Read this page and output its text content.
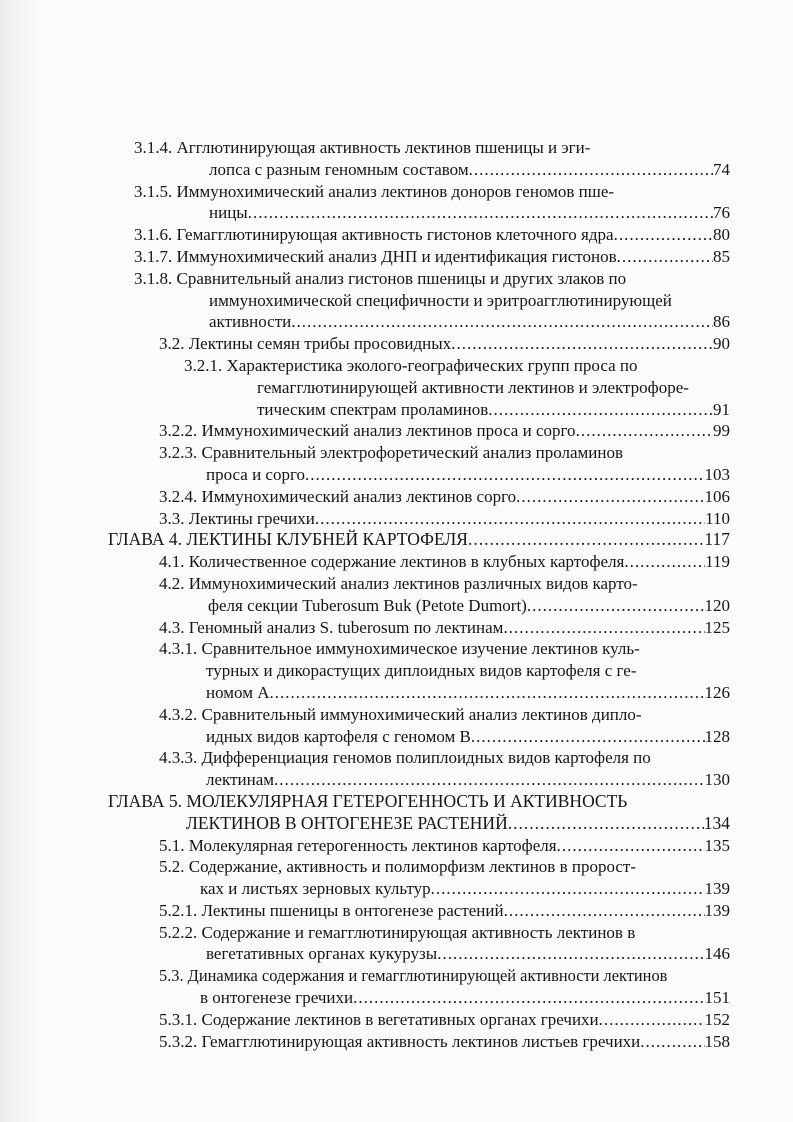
3.1.4. Агглютинирующая активность лектинов пшеницы и эги-
лопса с разным геномным составом .....	74
3.1.5. Иммунохимический анализ лектинов доноров геномов пше-
ницы .....	76
3.1.6. Гемагглютинирующая активность гистонов клеточного ядра .....	80
3.1.7. Иммунохимический анализ ДНП и идентификация гистонов .....	85
3.1.8. Сравнительный анализ гистонов пшеницы и других злаков по
иммунохимической специфичности и эритроагглютинирующей
активности .....	86
3.2. Лектины семян трибы просовидных .....	90
3.2.1. Характеристика эколого-географических групп проса по
гемагглютинирующей активности лектинов и электрофоре-
тическим спектрам проламинов .....	91
3.2.2. Иммунохимический анализ лектинов проса и сорго .....	99
3.2.3. Сравнительный электрофоретический анализ проламинов
проса и сорго .....	103
3.2.4. Иммунохимический анализ лектинов сорго .....	106
3.3. Лектины гречихи .....	110
ГЛАВА 4. ЛЕКТИНЫ КЛУБНЕЙ КАРТОФЕЛЯ .....	117
4.1. Количественное содержание лектинов в клубных картофеля .....	119
4.2. Иммунохимический анализ лектинов различных видов карто-
феля секции Tuberosum Buk (Petote Dumort) .....	120
4.3. Геномный анализ S. tuberosum по лектинам .....	125
4.3.1. Сравнительное иммунохимическое изучение лектинов куль-
турных и дикорастущих диплоидных видов картофеля с ге-
номом А .....	126
4.3.2. Сравнительный иммунохимический анализ лектинов дипло-
идных видов картофеля с геномом В .....	128
4.3.3. Дифференциация геномов полиплоидных видов картофеля по
лектинам .....	130
ГЛАВА 5. МОЛЕКУЛЯРНАЯ ГЕТЕРОГЕННОСТЬ И АКТИВНОСТЬ
ЛЕКТИНОВ В ОНТОГЕНЕЗЕ РАСТЕНИЙ .....	134
5.1. Молекулярная гетерогенность лектинов картофеля .....	135
5.2. Содержание, активность и полиморфизм лектинов в пророст-
ках и листьях зерновых культур .....	139
5.2.1. Лектины пшеницы в онтогенезе растений .....	139
5.2.2. Содержание и гемагглютинирующая активность лектинов в
вегетативных органах кукурузы .....	146
5.3. Динамика содержания и гемагглютинирующей активности лектинов
в онтогенезе гречихи .....	151
5.3.1. Содержание лектинов в вегетативных органах гречихи .....	152
5.3.2. Гемагглютинирующая активность лектинов листьев гречихи .....	158
